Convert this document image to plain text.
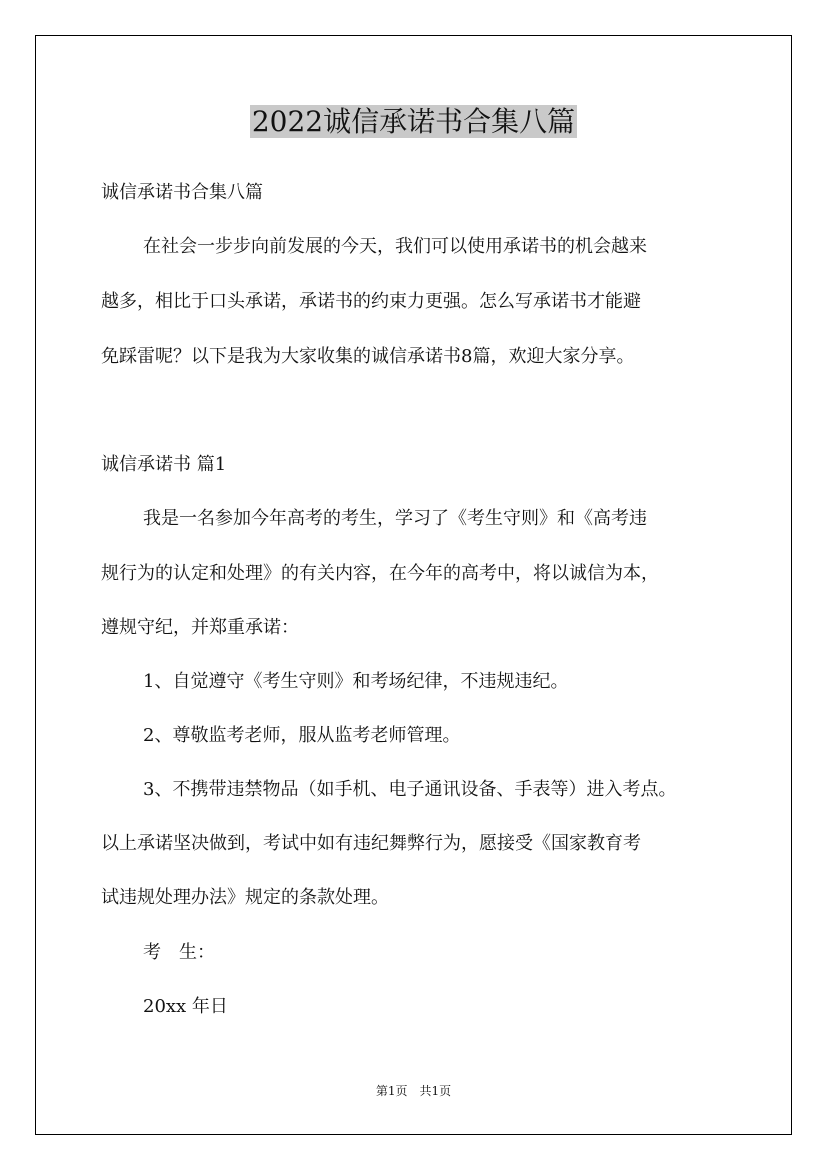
2022诚信承诺书合集八篇
诚信承诺书合集八篇
在社会一步步向前发展的今天，我们可以使用承诺书的机会越来
越多，相比于口头承诺，承诺书的约束力更强。怎么写承诺书才能避
免踩雷呢？以下是我为大家收集的诚信承诺书8篇，欢迎大家分享。
诚信承诺书 篇1
我是一名参加今年高考的考生，学习了《考生守则》和《高考违
规行为的认定和处理》的有关内容，在今年的高考中，将以诚信为本，
遵规守纪，并郑重承诺：
1、自觉遵守《考生守则》和考场纪律，不违规违纪。
2、尊敬监考老师，服从监考老师管理。
3、不携带违禁物品（如手机、电子通讯设备、手表等）进入考点。
以上承诺坚决做到，考试中如有违纪舞弊行为，愿接受《国家教育考
试违规处理办法》规定的条款处理。
考　生：
20xx 年日
第1页　共1页
